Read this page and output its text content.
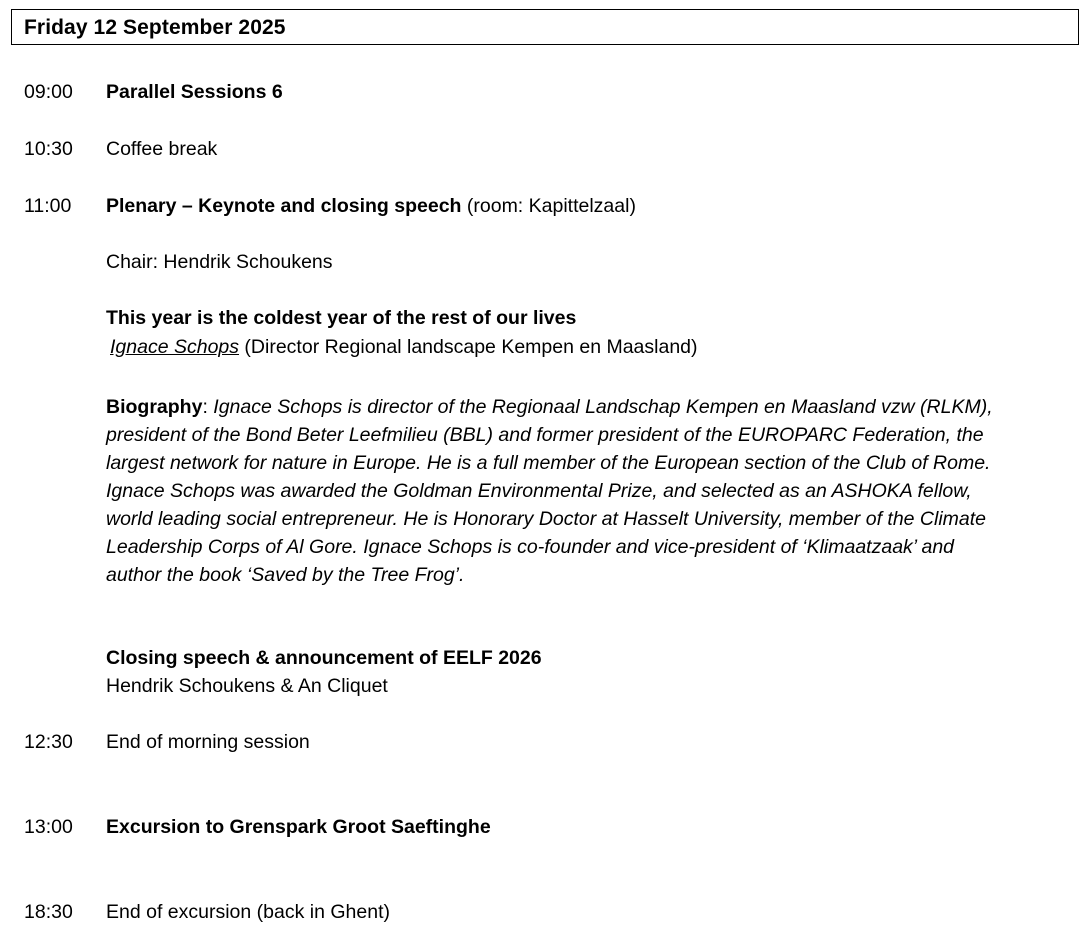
Friday 12 September 2025
09:00 Parallel Sessions 6
10:30 Coffee break
11:00 Plenary – Keynote and closing speech (room: Kapittelzaal)
Chair: Hendrik Schoukens
This year is the coldest year of the rest of our lives
Ignace Schops (Director Regional landscape Kempen en Maasland)
Biography: Ignace Schops is director of the Regionaal Landschap Kempen en Maasland vzw (RLKM),
president of the Bond Beter Leefmilieu (BBL) and former president of the EUROPARC Federation, the
largest network for nature in Europe. He is a full member of the European section of the Club of Rome.
Ignace Schops was awarded the Goldman Environmental Prize, and selected as an ASHOKA fellow,
world leading social entrepreneur. He is Honorary Doctor at Hasselt University, member of the Climate
Leadership Corps of Al Gore. Ignace Schops is co-founder and vice-president of ‘Klimaatzaak’ and
author the book ‘Saved by the Tree Frog’.
Closing speech & announcement of EELF 2026
Hendrik Schoukens & An Cliquet
12:30 End of morning session
13:00 Excursion to Grenspark Groot Saeftinghe
18:30 End of excursion (back in Ghent)
